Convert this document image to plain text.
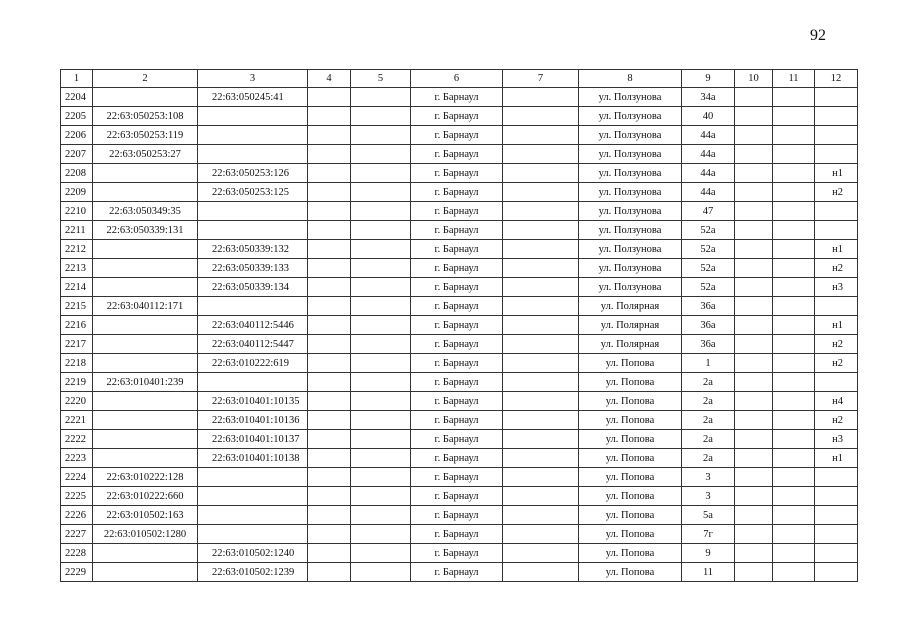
92
1	2	3	4	5	6	7	8	9	10	11	12
2204		22:63:050245:41			г. Барнаул		ул. Ползунова	34а			
2205	22:63:050253:108				г. Барнаул		ул. Ползунова	40			
2206	22:63:050253:119				г. Барнаул		ул. Ползунова	44а			
2207	22:63:050253:27				г. Барнаул		ул. Ползунова	44а			
2208		22:63:050253:126			г. Барнаул		ул. Ползунова	44а			н1
2209		22:63:050253:125			г. Барнаул		ул. Ползунова	44а			н2
2210	22:63:050349:35				г. Барнаул		ул. Ползунова	47			
2211	22:63:050339:131				г. Барнаул		ул. Ползунова	52а			
2212		22:63:050339:132			г. Барнаул		ул. Ползунова	52а			н1
2213		22:63:050339:133			г. Барнаул		ул. Ползунова	52а			н2
2214		22:63:050339:134			г. Барнаул		ул. Ползунова	52а			н3
2215	22:63:040112:171				г. Барнаул		ул. Полярная	36а			
2216		22:63:040112:5446			г. Барнаул		ул. Полярная	36а			н1
2217		22:63:040112:5447			г. Барнаул		ул. Полярная	36а			н2
2218		22:63:010222:619			г. Барнаул		ул. Попова	1			н2
2219	22:63:010401:239				г. Барнаул		ул. Попова	2а			
2220		22:63:010401:10135			г. Барнаул		ул. Попова	2а			н4
2221		22:63:010401:10136			г. Барнаул		ул. Попова	2а			н2
2222		22:63:010401:10137			г. Барнаул		ул. Попова	2а			н3
2223		22:63:010401:10138			г. Барнаул		ул. Попова	2а			н1
2224	22:63:010222:128				г. Барнаул		ул. Попова	3			
2225	22:63:010222:660				г. Барнаул		ул. Попова	3			
2226	22:63:010502:163				г. Барнаул		ул. Попова	5а			
2227	22:63:010502:1280				г. Барнаул		ул. Попова	7г			
2228		22:63:010502:1240			г. Барнаул		ул. Попова	9			
2229		22:63:010502:1239			г. Барнаул		ул. Попова	11			
